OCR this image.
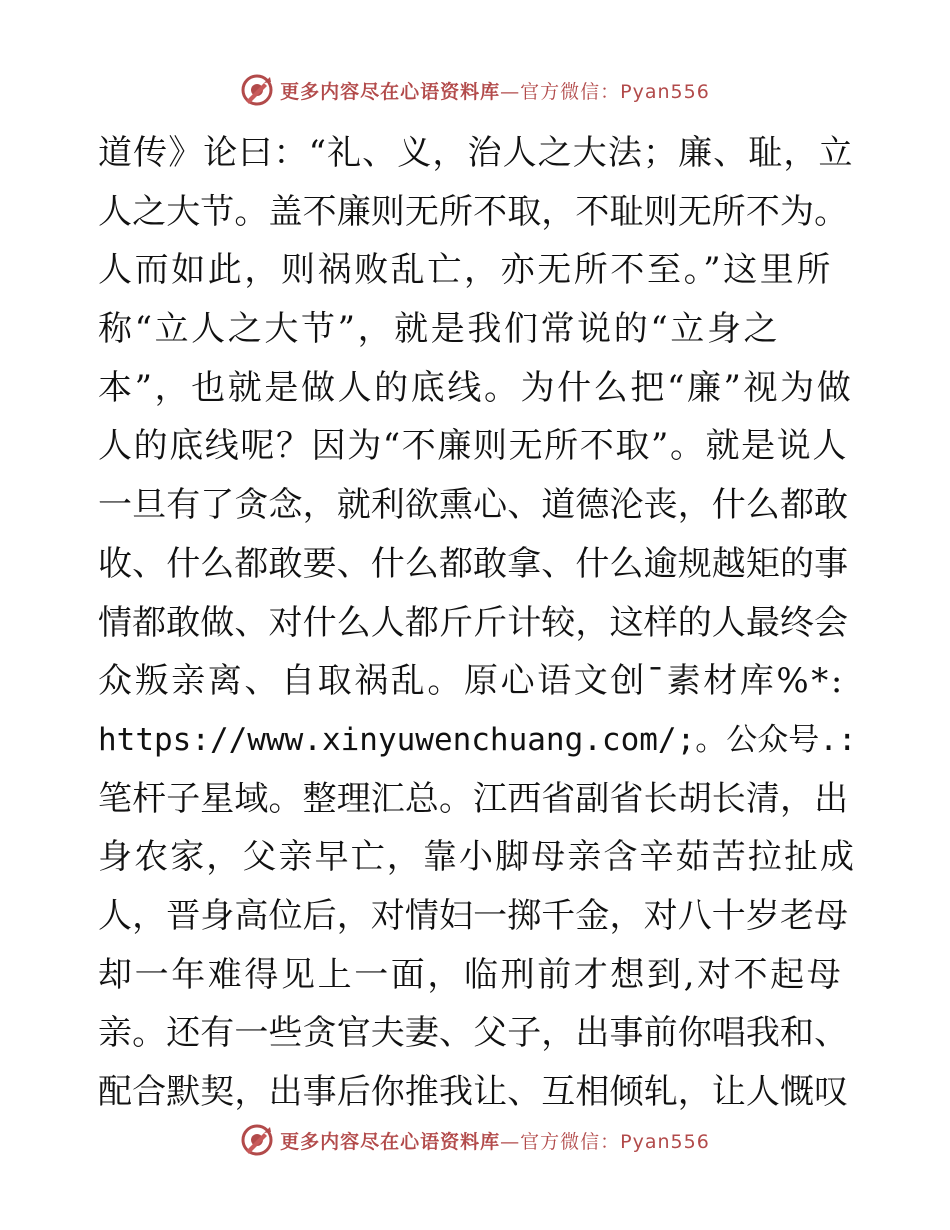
更多内容尽在心语资料库—官方微信：Pyan556
道传》论曰：“礼、义，治人之大法；廉、耻，立
人之大节。盖不廉则无所不取，不耻则无所不为。
人而如此，则祸败乱亡，亦无所不至。”这里所
称“立人之大节”，就是我们常说的“立身之
本”，也就是做人的底线。为什么把“廉”视为做
人的底线呢？因为“不廉则无所不取”。就是说人
一旦有了贪念，就利欲熏心、道德沦丧，什么都敢
收、什么都敢要、什么都敢拿、什么逾规越矩的事
情都敢做、对什么人都斤斤计较，这样的人最终会
众叛亲离、自取祸乱。原心语文创¯素材库%*:
https://www.xinyuwenchuang.com/;。公众号.:
笔杆子星域。整理汇总。江西省副省长胡长清，出
身农家，父亲早亡，靠小脚母亲含辛茹苦拉扯成
人，晋身高位后，对情妇一掷千金，对八十岁老母
却一年难得见上一面，临刑前才想到,对不起母
亲。还有一些贪官夫妻、父子，出事前你唱我和、
配合默契，出事后你推我让、互相倾轧，让人慨叹
更多内容尽在心语资料库—官方微信：Pyan556
